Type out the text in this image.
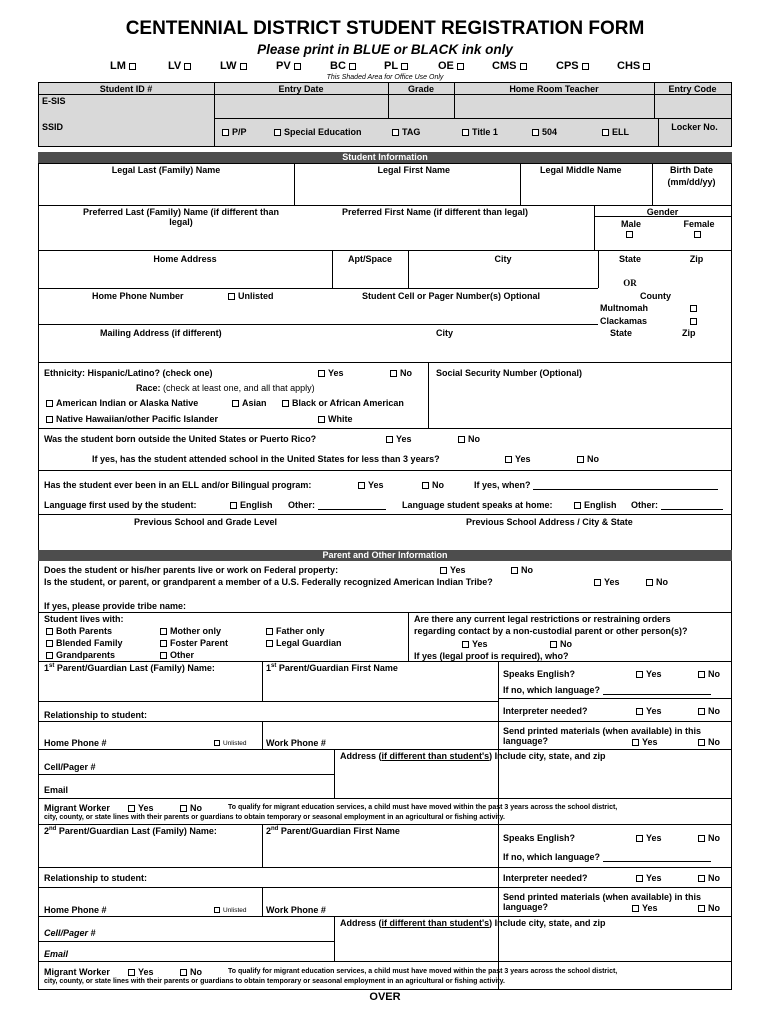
CENTENNIAL DISTRICT STUDENT REGISTRATION FORM
Please print in BLUE or BLACK ink only
LM	LV	LW	PV	BC	PL	OE	CMS	CPS	CHS
This Shaded Area for Office Use Only
Student ID #	Entry Date	Grade	Home Room Teacher	Entry Code
E-SIS
SSID	P/P	Special Education	TAG	Title 1	504	ELL	Locker No.
Student Information
Legal Last (Family) Name	Legal First Name	Legal Middle Name	Birth Date
(mm/dd/yy)
Preferred Last (Family) Name (if different than
legal)
Preferred First Name (if different than legal)	Gender
Male	Female
Home Address	Apt/Space	City	State	Zip
OR
Home Phone Number	Unlisted	Student Cell or Pager Number(s) Optional	County
Multnomah
Clackamas
Mailing Address (if different)	City	State	Zip
Ethnicity: Hispanic/Latino? (check one)	Yes	No	Social Security Number (Optional)
Race: (check at least one, and all that apply)
American Indian or Alaska Native	Asian	Black or African American
Native Hawaiian/other Pacific Islander	White
Was the student born outside the United States or Puerto Rico?	Yes	No
If yes, has the student attended school in the United States for less than 3 years?	Yes	No
Has the student ever been in an ELL and/or Bilingual program:	Yes	No	If yes, when?
Language first used by the student:	English Other:	Language student speaks at home:	English Other:
Previous School and Grade Level	Previous School Address / City & State
Parent and Other Information
Does the student or his/her parents live or work on Federal property:	Yes	No
Is the student, or parent, or grandparent a member of a U.S. Federally recognized American Indian Tribe?	Yes	No
If yes, please provide tribe name:
Student lives with:
Both Parents	Mother only	Father only
Blended Family	Foster Parent	Legal Guardian
Grandparents	Other
Are there any current legal restrictions or restraining orders
regarding contact by a non-custodial parent or other person(s)?
Yes	No
If yes (legal proof is required), who?
1st Parent/Guardian Last (Family) Name:	1st Parent/Guardian First Name
Speaks English?	Yes	No
If no, which language?
Relationship to student:	Interpreter needed?	Yes	No
Send printed materials (when available) in this
language?	Yes	No
Home Phone #	Unlisted Work Phone #
Address (if different than student's) Include city, state, and zip
Cell/Pager #
Email
Migrant Worker	Yes	No	To qualify for migrant education services, a child must have moved within the past 3 years across the school district,
city, county, or state lines with their parents or guardians to obtain temporary or seasonal employment in an agricultural or fishing activity.
2nd Parent/Guardian Last (Family) Name:	2nd Parent/Guardian First Name
Speaks English?	Yes	No
If no, which language?
Relationship to student:	Interpreter needed?	Yes	No
Send printed materials (when available) in this
language?	Yes	No
Home Phone #	Unlisted Work Phone #
Address (if different than student's) Include city, state, and zip
Cell/Pager #
Email
Migrant Worker	Yes	No	To qualify for migrant education services, a child must have moved within the past 3 years across the school district,
city, county, or state lines with their parents or guardians to obtain temporary or seasonal employment in an agricultural or fishing activity.
OVER
